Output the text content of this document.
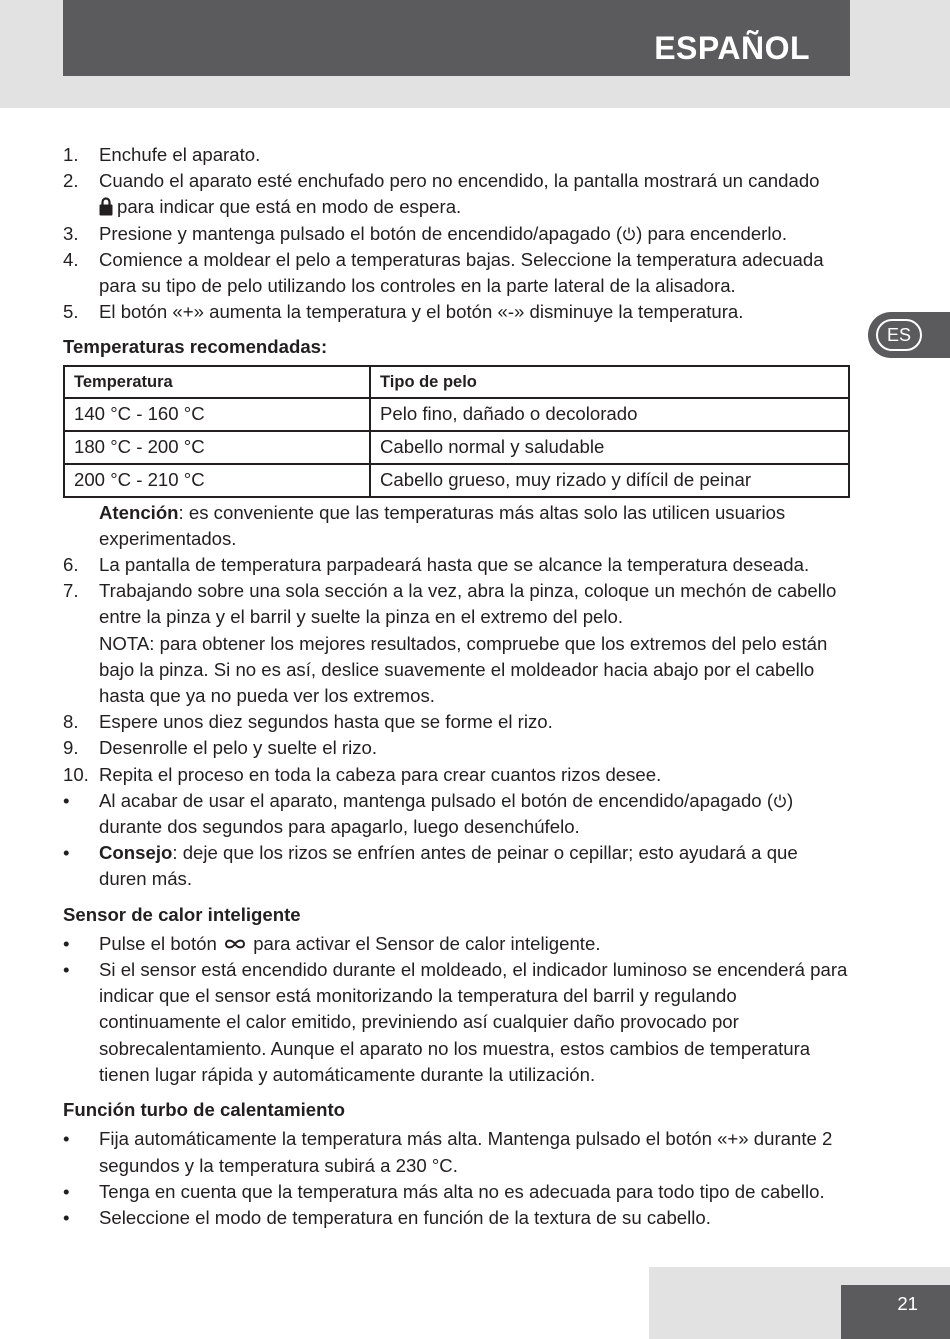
ESPAÑOL
ES
1. Enchufe el aparato.
2. Cuando el aparato esté enchufado pero no encendido, la pantalla mostrará un candado
para indicar que está en modo de espera.
3. Presione y mantenga pulsado el botón de encendido/apagado ( ) para encenderlo.
4. Comience a moldear el pelo a temperaturas bajas. Seleccione la temperatura adecuada para su tipo de pelo utilizando los controles en la parte lateral de la alisadora.
5. El botón «+» aumenta la temperatura y el botón «-» disminuye la temperatura.
Temperaturas recomendadas:
Temperatura	Tipo de pelo
140 °C - 160 °C	Pelo fino, dañado o decolorado
180 °C - 200 °C	Cabello normal y saludable
200 °C - 210 °C	Cabello grueso, muy rizado y difícil de peinar
Atención: es conveniente que las temperaturas más altas solo las utilicen usuarios experimentados.
6. La pantalla de temperatura parpadeará hasta que se alcance la temperatura deseada.
7. Trabajando sobre una sola sección a la vez, abra la pinza, coloque un mechón de cabello entre la pinza y el barril y suelte la pinza en el extremo del pelo.
NOTA: para obtener los mejores resultados, compruebe que los extremos del pelo están bajo la pinza. Si no es así, deslice suavemente el moldeador hacia abajo por el cabello hasta que ya no pueda ver los extremos.
8. Espere unos diez segundos hasta que se forme el rizo.
9. Desenrolle el pelo y suelte el rizo.
10. Repita el proceso en toda la cabeza para crear cuantos rizos desee.
• Al acabar de usar el aparato, mantenga pulsado el botón de encendido/apagado ( ) durante dos segundos para apagarlo, luego desenchúfelo.
• Consejo: deje que los rizos se enfríen antes de peinar o cepillar; esto ayudará a que duren más.
Sensor de calor inteligente
• Pulse el botón para activar el Sensor de calor inteligente.
• Si el sensor está encendido durante el moldeado, el indicador luminoso se encenderá para indicar que el sensor está monitorizando la temperatura del barril y regulando continuamente el calor emitido, previniendo así cualquier daño provocado por sobrecalentamiento. Aunque el aparato no los muestra, estos cambios de temperatura tienen lugar rápida y automáticamente durante la utilización.
Función turbo de calentamiento
• Fija automáticamente la temperatura más alta. Mantenga pulsado el botón «+» durante 2 segundos y la temperatura subirá a 230 °C.
• Tenga en cuenta que la temperatura más alta no es adecuada para todo tipo de cabello.
• Seleccione el modo de temperatura en función de la textura de su cabello.
21
